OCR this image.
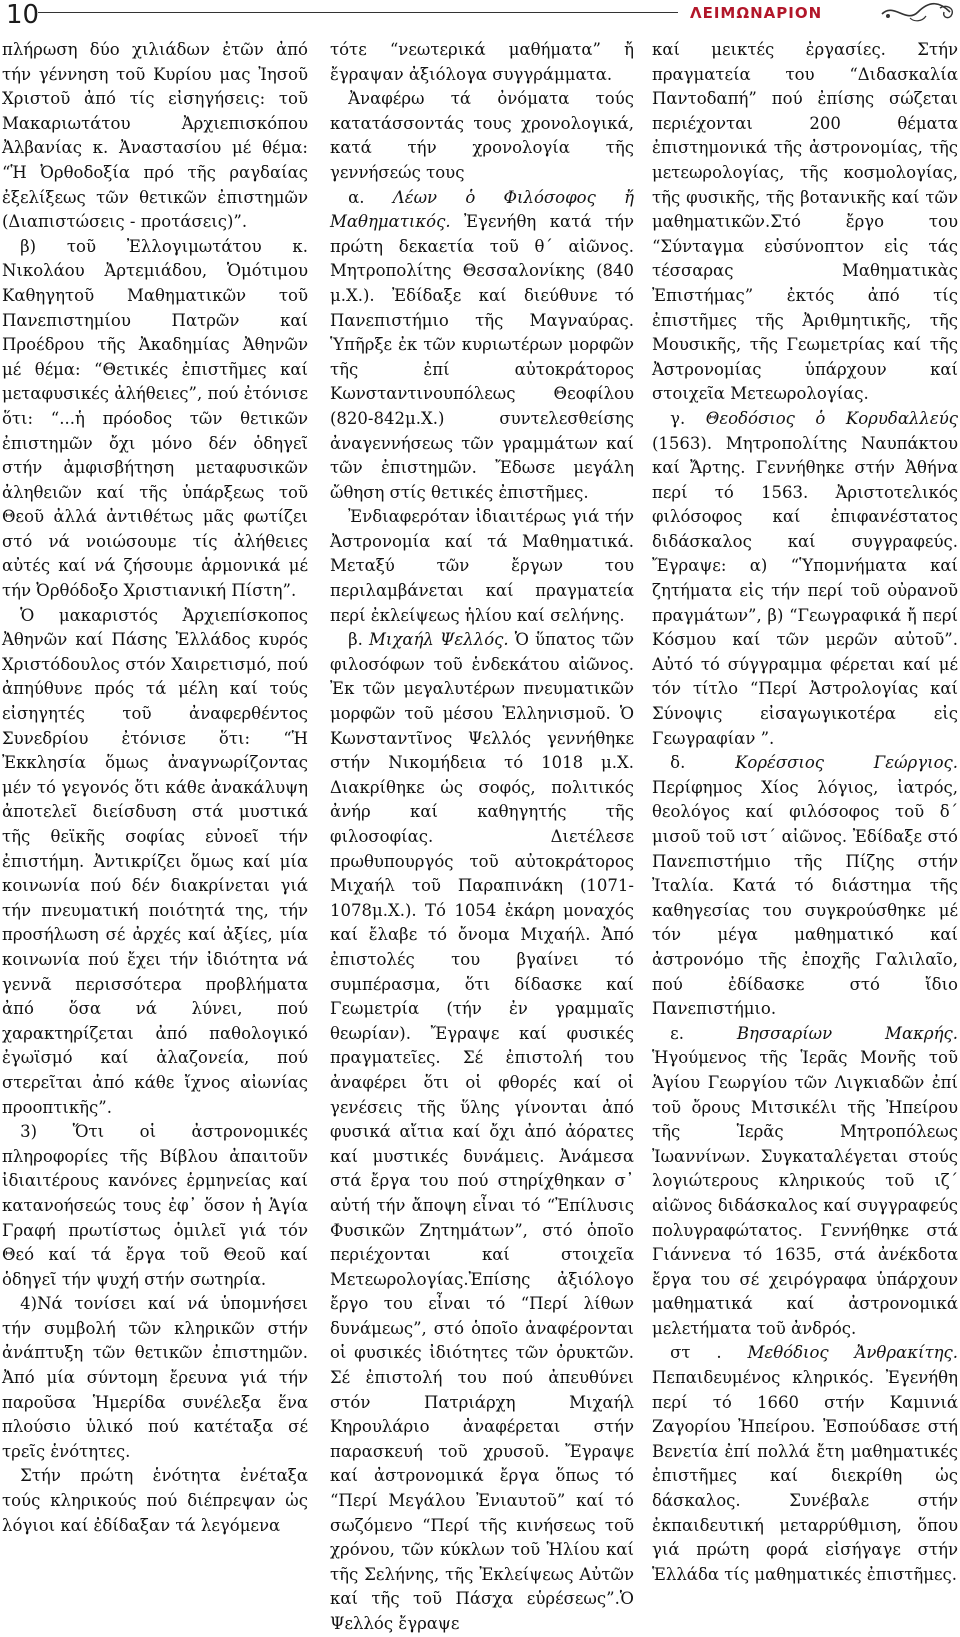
10	ΛΕΙΜΩΝΑΡΙΟΝ

πλήρωση δύο χιλιάδων ἐτῶν ἀπό τήν γέννηση τοῦ Κυρίου μας Ἰησοῦ Χριστοῦ ἀπό τίς εἰσηγήσεις: τοῦ Μακαριωτάτου Ἀρχιεπισκόπου Ἀλβανίας κ. Ἀναστασίου μέ θέμα: “Ἡ Ὀρθοδοξία πρό τῆς ραγδαίας ἐξελίξεως τῶν θετικῶν ἐπιστημῶν (Διαπιστώσεις - προτάσεις)”.

β) τοῦ Ἐλλογιμωτάτου κ. Νικολάου Ἀρτεμιάδου, Ὁμότιμου Καθηγητοῦ Μαθηματικῶν τοῦ Πανεπιστημίου Πατρῶν καί Προέδρου τῆς Ἀκαδημίας Ἀθηνῶν μέ θέμα: “Θετικές ἐπιστῆμες καί μεταφυσικές ἀλήθειες”, πού ἐτόνισε ὅτι: “...ἡ πρόοδος τῶν θετικῶν ἐπιστημῶν ὄχι μόνο δέν ὁδηγεῖ στήν ἀμφισβήτηση μεταφυσικῶν ἀληθειῶν καί τῆς ὑπάρξεως τοῦ Θεοῦ ἀλλά ἀντιθέτως μᾶς φωτίζει στό νά νοιώσουμε τίς ἀλήθειες αὐτές καί νά ζήσουμε ἁρμονικά μέ τήν Ὀρθόδοξο Χριστιανική Πίστη”.

Ὁ μακαριστός Ἀρχιεπίσκοπος Ἀθηνῶν καί Πάσης Ἑλλάδος κυρός Χριστόδουλος στόν Χαιρετισμό, πού ἀπηύθυνε πρός τά μέλη καί τούς εἰσηγητές τοῦ ἀναφερθέντος Συνεδρίου ἐτόνισε ὅτι: “Ἡ Ἐκκλησία ὅμως ἀναγνωρίζοντας μέν τό γεγονός ὅτι κάθε ἀνακάλυψη ἀποτελεῖ διείσδυση στά μυστικά τῆς θεϊκῆς σοφίας εὐνοεῖ τήν ἐπιστήμη. Ἀντικρίζει ὅμως καί μία κοινωνία πού δέν διακρίνεται γιά τήν πνευματική ποιότητά της, τήν προσήλωση σέ ἀρχές καί ἀξίες, μία κοινωνία πού ἔχει τήν ἰδιότητα νά γεννᾶ περισσότερα προβλήματα ἀπό ὅσα νά λύνει, πού χαρακτηρίζεται ἀπό παθολογικό ἐγωϊσμό καί ἀλαζονεία, πού στερεῖται ἀπό κάθε ἴχνος αἰωνίας προοπτικῆς”.

3) Ὅτι οἱ ἀστρονομικές πληροφορίες τῆς Βίβλου ἀπαιτοῦν ἰδιαιτέρους κανόνες ἑρμηνείας καί κατανοήσεώς τους ἐφ᾽ ὅσον ἡ Ἁγία Γραφή πρωτίστως ὁμιλεῖ γιά τόν Θεό καί τά ἔργα τοῦ Θεοῦ καί ὁδηγεῖ τήν ψυχή στήν σωτηρία.

4)Νά τονίσει καί νά ὑπομνήσει τήν συμβολή τῶν κληρικῶν στήν ἀνάπτυξη τῶν θετικῶν ἐπιστημῶν. Ἀπό μία σύντομη ἔρευνα γιά τήν παροῦσα Ἡμερίδα συνέλεξα ἕνα πλούσιο ὑλικό πού κατέταξα σέ τρεῖς ἑνότητες.

Στήν πρώτη ἑνότητα ἐνέταξα τούς κληρικούς πού διέπρεψαν ὡς λόγιοι καί ἐδίδαξαν τά λεγόμενα

τότε “νεωτερικά μαθήματα” ἤ ἔγραψαν ἀξιόλογα συγγράμματα.

Ἀναφέρω τά ὀνόματα τούς κατατάσσοντάς τους χρονολογικά, κατά τήν χρονολογία τῆς γεννήσεώς τους

α. Λέων ὁ Φιλόσοφος ἤ Μαθηματικός. Ἐγενήθη κατά τήν πρώτη δεκαετία τοῦ θ´ αἰῶνος. Μητροπολίτης Θεσσαλονίκης (840 μ.Χ.). Ἐδίδαξε καί διεύθυνε τό Πανεπιστήμιο τῆς Μαγναύρας. Ὑπῆρξε ἐκ τῶν κυριωτέρων μορφῶν τῆς ἐπί αὐτοκράτορος Κωνσταντινουπόλεως Θεοφίλου (820-842μ.Χ.) συντελεσθείσης ἀναγεννήσεως τῶν γραμμάτων καί τῶν ἐπιστημῶν. Ἔδωσε μεγάλη ὤθηση στίς θετικές ἐπιστῆμες.

Ἐνδιαφερόταν ἰδιαιτέρως γιά τήν Ἀστρονομία καί τά Μαθηματικά. Μεταξύ τῶν ἔργων του περιλαμβάνεται καί πραγματεία περί ἐκλείψεως ἡλίου καί σελήνης.

β. Μιχαήλ Ψελλός. Ὁ ὕπατος τῶν φιλοσόφων τοῦ ἑνδεκάτου αἰῶνος. Ἐκ τῶν μεγαλυτέρων πνευματικῶν μορφῶν τοῦ μέσου Ἑλληνισμοῦ. Ὁ Κωνσταντῖνος Ψελλός γεννήθηκε στήν Νικομήδεια τό 1018 μ.Χ. Διακρίθηκε ὡς σοφός, πολιτικός ἀνήρ καί καθηγητής τῆς φιλοσοφίας. Διετέλεσε πρωθυπουργός τοῦ αὐτοκράτορος Μιχαήλ τοῦ Παραπινάκη (1071-1078μ.Χ.). Τό 1054 ἐκάρη μοναχός καί ἔλαβε τό ὄνομα Μιχαήλ. Ἀπό ἐπιστολές του βγαίνει τό συμπέρασμα, ὅτι δίδασκε καί Γεωμετρία (τήν ἐν γραμμαῖς θεωρίαν). Ἔγραψε καί φυσικές πραγματεῖες. Σέ ἐπιστολή του ἀναφέρει ὅτι οἱ φθορές καί οἱ γενέσεις τῆς ὕλης γίνονται ἀπό φυσικά αἴτια καί ὄχι ἀπό ἀόρατες καί μυστικές δυνάμεις. Ἀνάμεσα στά ἔργα του πού στηρίχθηκαν σ᾽ αὐτή τήν ἄποψη εἶναι τό “Ἐπίλυσις Φυσικῶν Ζητημάτων”, στό ὁποῖο περιέχονται καί στοιχεῖα Μετεωρολογίας.Ἐπίσης ἀξιόλογο ἔργο του εἶναι τό “Περί λίθων δυνάμεως”, στό ὁποῖο ἀναφέρονται οἱ φυσικές ἰδιότητες τῶν ὀρυκτῶν. Σέ ἐπιστολή του πού ἀπευθύνει στόν Πατριάρχη Μιχαήλ Κηρουλάριο ἀναφέρεται στήν παρασκευή τοῦ χρυσοῦ. Ἔγραψε καί ἀστρονομικά ἔργα ὅπως τό “Περί Μεγάλου Ἐνιαυτοῦ” καί τό σωζόμενο “Περί τῆς κινήσεως τοῦ χρόνου, τῶν κύκλων τοῦ Ἡλίου καί τῆς Σελήνης, τῆς Ἐκλείψεως Αὐτῶν καί τῆς τοῦ Πάσχα εὑρέσεως”.Ὁ Ψελλός ἔγραψε

καί μεικτές ἐργασίες. Στήν πραγματεία του “Διδασκαλία Παντοδαπή” πού ἐπίσης σώζεται περιέχονται 200 θέματα ἐπιστημονικά τῆς ἀστρονομίας, τῆς μετεωρολογίας, τῆς κοσμολογίας, τῆς φυσικῆς, τῆς βοτανικῆς καί τῶν μαθηματικῶν.Στό ἔργο του “Σύνταγμα εὐσύνοπτον εἰς τάς τέσσαρας Μαθηματικὰς Ἐπιστήμας” ἐκτός ἀπό τίς ἐπιστῆμες τῆς Ἀριθμητικῆς, τῆς Μουσικῆς, τῆς Γεωμετρίας καί τῆς Ἀστρονομίας ὑπάρχουν καί στοιχεῖα Μετεωρολογίας.

γ. Θεοδόσιος ὁ Κορυδαλλεύς (1563). Μητροπολίτης Ναυπάκτου καί Ἄρτης. Γεννήθηκε στήν Ἀθήνα περί τό 1563. Ἀριστοτελικός φιλόσοφος καί ἐπιφανέστατος διδάσκαλος καί συγγραφεύς. Ἔγραψε: α) “Ὑπομνήματα καί ζητήματα εἰς τήν περί τοῦ οὐρανοῦ πραγμάτων”, β) “Γεωγραφικά ἤ περί Κόσμου καί τῶν μερῶν αὐτοῦ”. Αὐτό τό σύγγραμμα φέρεται καί μέ τόν τίτλο “Περί Ἀστρολογίας καί Σύνοψις εἰσαγωγικοτέρα εἰς Γεωγραφίαν ”.

δ. Κορέσσιος Γεώργιος. Περίφημος Χίος λόγιος, ἰατρός, θεολόγος καί φιλόσοφος τοῦ δ´ μισοῦ τοῦ ιστ´ αἰῶνος. Ἐδίδαξε στό Πανεπιστήμιο τῆς Πίζης στήν Ἰταλία. Κατά τό διάστημα τῆς καθηγεσίας του συγκρούσθηκε μέ τόν μέγα μαθηματικό καί ἀστρονόμο τῆς ἐποχῆς Γαλιλαῖο, πού ἐδίδασκε στό ἴδιο Πανεπιστήμιο.

ε. Βησσαρίων Μακρής. Ἡγούμενος τῆς Ἱερᾶς Μονῆς τοῦ Ἁγίου Γεωργίου τῶν Λιγκιαδῶν ἐπί τοῦ ὄρους Μιτσικέλι τῆς Ἠπείρου τῆς Ἱερᾶς Μητροπόλεως Ἰωαννίνων. Συγκαταλέγεται στούς λογιώτερους κληρικούς τοῦ ιζ´ αἰῶνος διδάσκαλος καί συγγραφεύς πολυγραφώτατος. Γεννήθηκε στά Γιάννενα τό 1635, στά ἀνέκδοτα ἔργα του σέ χειρόγραφα ὑπάρχουν μαθηματικά καί ἀστρονομικά μελετήματα τοῦ ἀνδρός.

στ . Μεθόδιος Ἀνθρακίτης. Πεπαιδευμένος κληρικός. Ἐγενήθη περί τό 1660 στήν Καμινιά Ζαγορίου Ἠπείρου. Ἐσπούδασε στή Βενετία ἐπί πολλά ἔτη μαθηματικές ἐπιστῆμες καί διεκρίθη ὡς δάσκαλος. Συνέβαλε στήν ἐκπαιδευτική μεταρρύθμιση, ὅπου γιά πρώτη φορά εἰσήγαγε στήν Ἑλλάδα τίς μαθηματικές ἐπιστῆμες.
